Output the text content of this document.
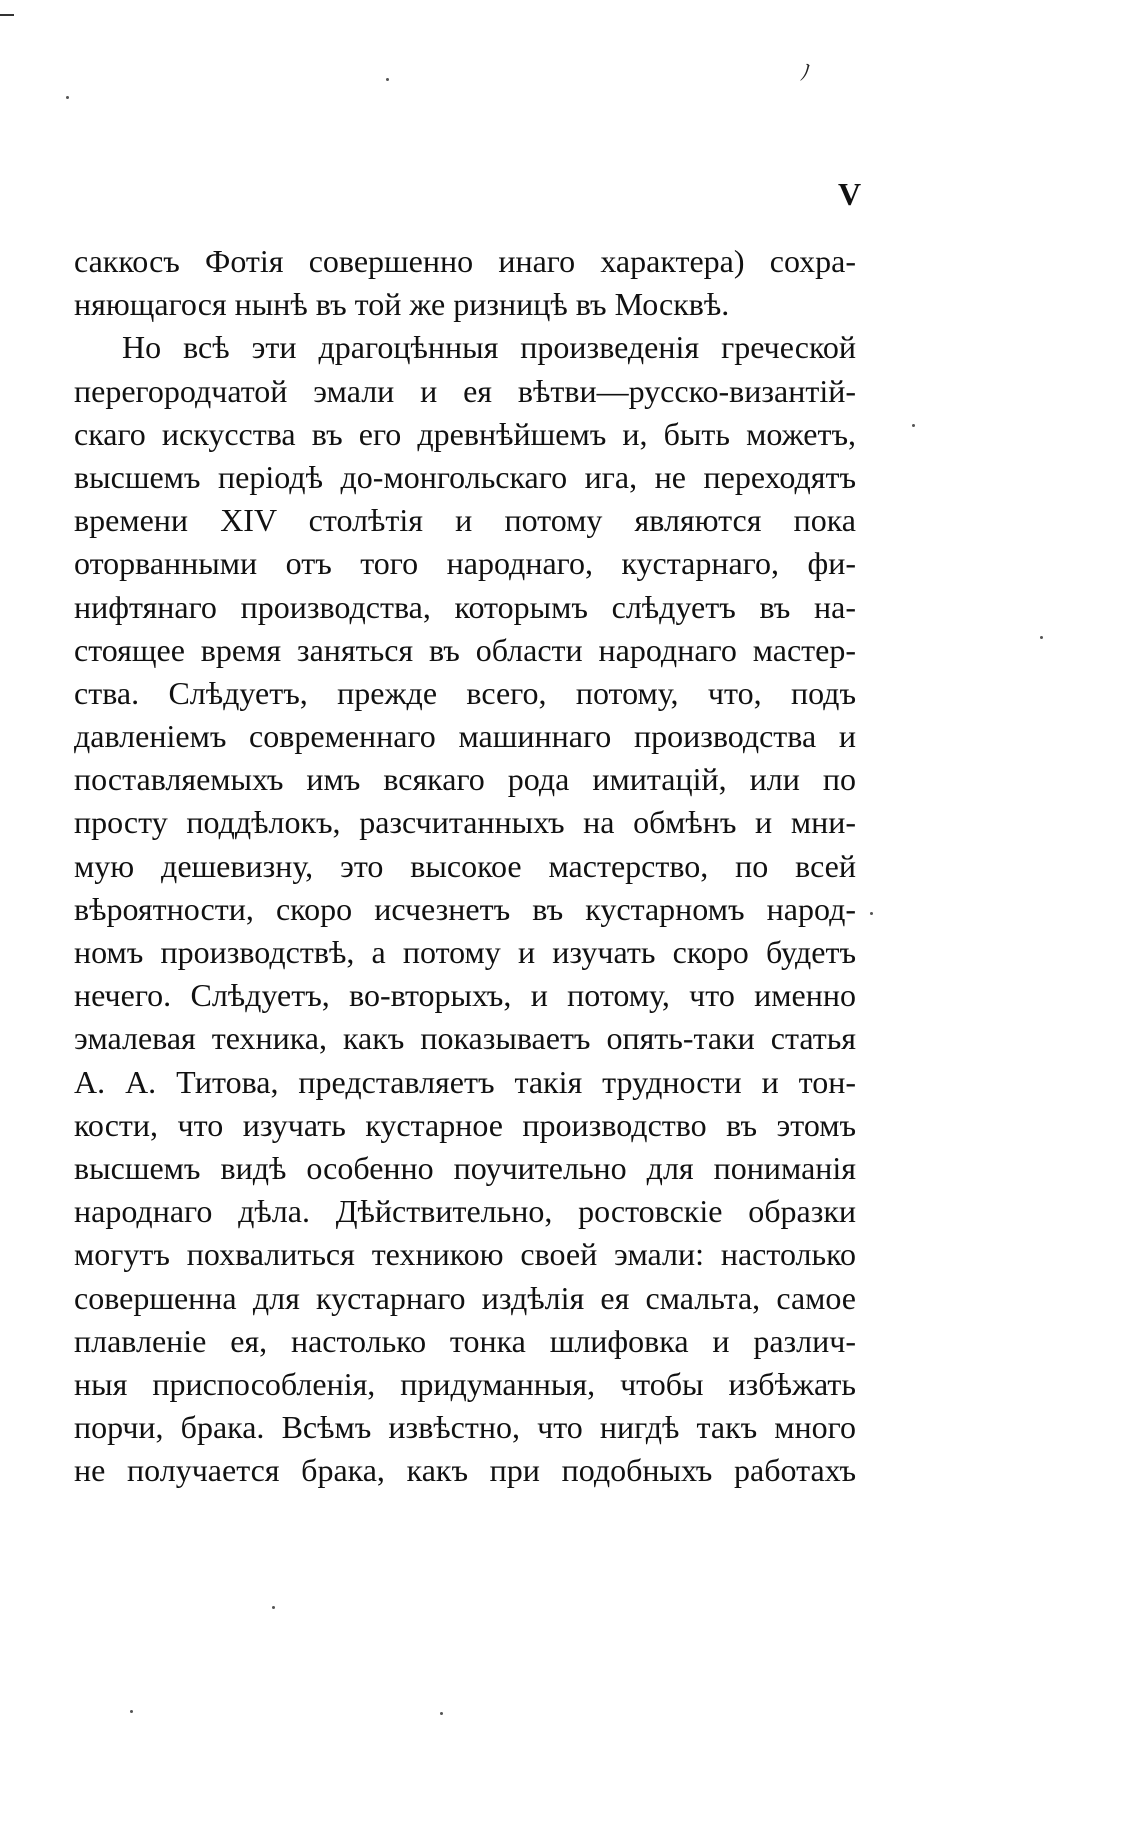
ﾉ
V
саккосъ Фотія совершенно инаго характера) сохра-
няющагося нынѣ въ той же ризницѣ въ Москвѣ.
Но всѣ эти драгоцѣнныя произведенія греческой
перегородчатой эмали и ея вѣтви—русско-византій-
скаго искусства въ его древнѣйшемъ и, быть можетъ,
высшемъ періодѣ до-монгольскаго ига, не переходятъ
времени XIV столѣтія и потому являются пока
оторванными отъ того народнаго, кустарнаго, фи-
нифтянаго производства, которымъ слѣдуетъ въ на-
стоящее время заняться въ области народнаго мастер-
ства. Слѣдуетъ, прежде всего, потому, что, подъ
давленіемъ современнаго машиннаго производства и
поставляемыхъ имъ всякаго рода имитацій, или по
просту поддѣлокъ, разсчитанныхъ на обмѣнъ и мни-
мую дешевизну, это высокое мастерство, по всей
вѣроятности, скоро исчезнетъ въ кустарномъ народ-
номъ производствѣ, а потому и изучать скоро будетъ
нечего. Слѣдуетъ, во-вторыхъ, и потому, что именно
эмалевая техника, какъ показываетъ опять-таки статья
А. А. Титова, представляетъ такія трудности и тон-
кости, что изучать кустарное производство въ этомъ
высшемъ видѣ особенно поучительно для пониманія
народнаго дѣла. Дѣйствительно, ростовскіе образки
могутъ похвалиться техникою своей эмали: настолько
совершенна для кустарнаго издѣлія ея смальта, самое
плавленіе ея, настолько тонка шлифовка и различ-
ныя приспособленія, придуманныя, чтобы избѣжать
порчи, брака. Всѣмъ извѣстно, что нигдѣ такъ много
не получается брака, какъ при подобныхъ работахъ
